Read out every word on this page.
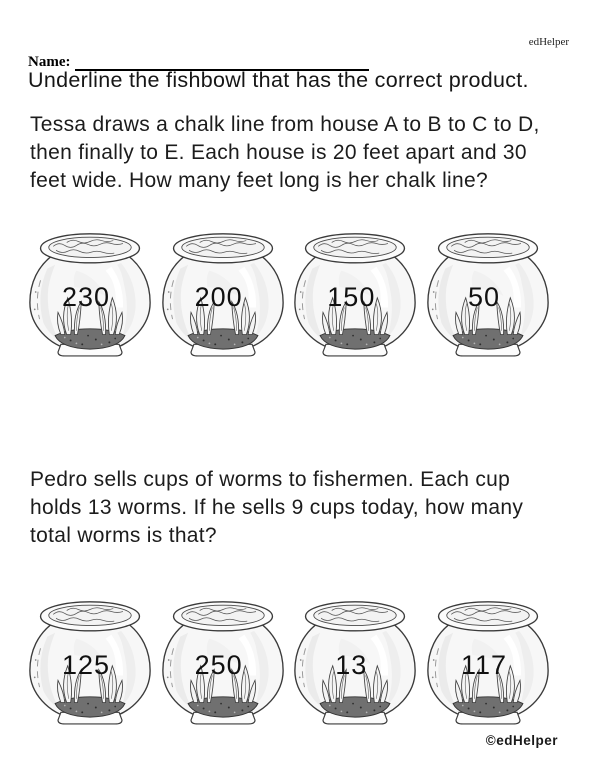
edHelper
Name:
Underline the fishbowl that has the correct product.
Tessa draws a chalk line from house A to B to C to D,
then finally to E. Each house is 20 feet apart and 30
feet wide. How many feet long is her chalk line?
230	200	150	50
Pedro sells cups of worms to fishermen. Each cup
holds 13 worms. If he sells 9 cups today, how many
total worms is that?
125	250	13	117
©edHelper
